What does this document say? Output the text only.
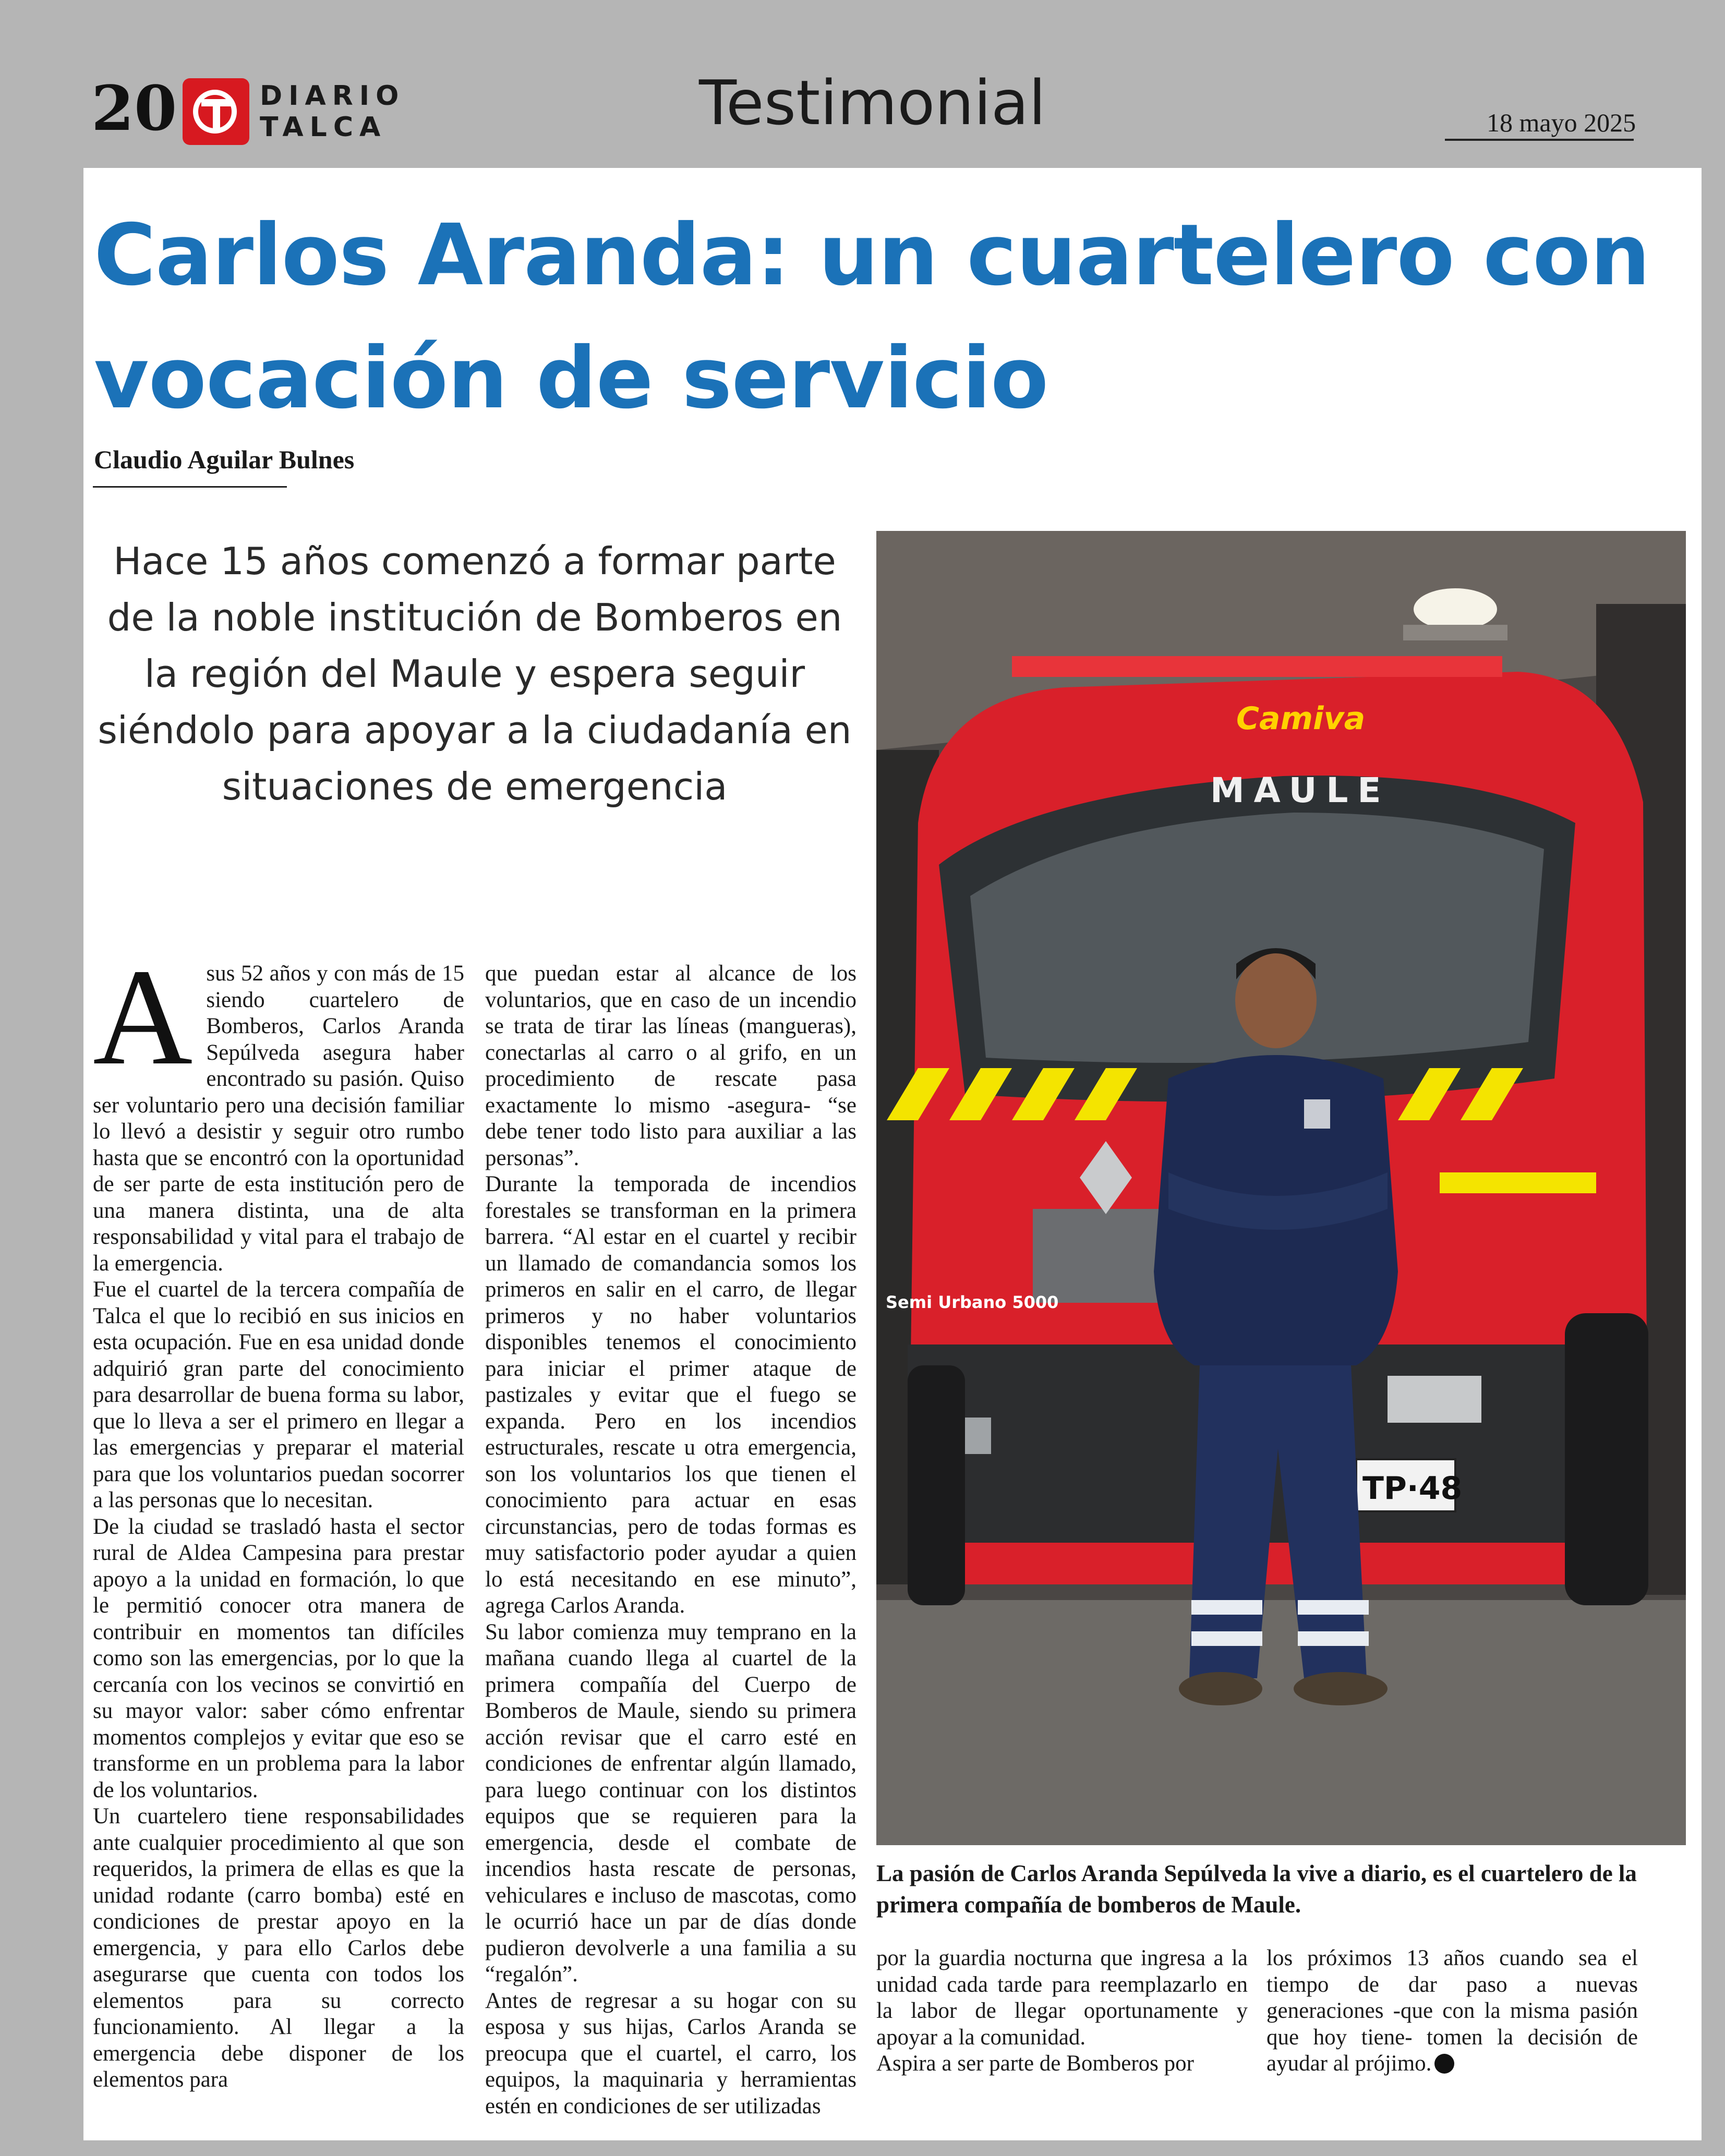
20	DIARIO
TALCA	Testimonial	18 mayo 2025
Carlos Aranda: un cuartelero con vocación de servicio
Claudio Aguilar Bulnes
Hace 15 años comenzó a formar parte de la noble institución de Bomberos en la región del Maule y espera seguir siéndolo para apoyar a la ciudadanía en situaciones de emergencia
Camiva
MAULE
Semi Urbano 5000
TP·48
La pasión de Carlos Aranda Sepúlveda la vive a diario, es el cuartelero de la primera compañía de bomberos de Maule.

Asus 52 años y con más de 15 siendo cuartelero de Bomberos, Carlos Aranda Sepúlveda asegura haber encontrado su pasión. Quiso ser voluntario pero una decisión familiar lo llevó a desistir y seguir otro rumbo hasta que se encontró con la oportunidad de ser parte de esta institución pero de una manera distinta, una de alta responsabilidad y vital para el trabajo de la emergencia.

Fue el cuartel de la tercera compañía de Talca el que lo recibió en sus inicios en esta ocupación. Fue en esa unidad donde adquirió gran parte del conocimiento para desarrollar de buena forma su labor, que lo lleva a ser el primero en llegar a las emergencias y preparar el material para que los voluntarios puedan socorrer a las personas que lo necesitan.

De la ciudad se trasladó hasta el sector rural de Aldea Campesina para prestar apoyo a la unidad en formación, lo que le permitió conocer otra manera de contribuir en momentos tan difíciles como son las emergencias, por lo que la cercanía con los vecinos se convirtió en su mayor valor: saber cómo enfrentar momentos complejos y evitar que eso se transforme en un problema para la labor de los voluntarios.

Un cuartelero tiene responsabilidades ante cualquier procedimiento al que son requeridos, la primera de ellas es que la unidad rodante (carro bomba) esté en condiciones de prestar apoyo en la emergencia, y para ello Carlos debe asegurarse que cuenta con todos los elementos para su correcto funcionamiento. Al llegar a la emergencia debe disponer de los elementos para

que puedan estar al alcance de los voluntarios, que en caso de un incendio se trata de tirar las líneas (mangueras), conectarlas al carro o al grifo, en un procedimiento de rescate pasa exactamente lo mismo -asegura- “se debe tener todo listo para auxiliar a las personas”.

Durante la temporada de incendios forestales se transforman en la primera barrera. “Al estar en el cuartel y recibir un llamado de comandancia somos los primeros en salir en el carro, de llegar primeros y no haber voluntarios disponibles tenemos el conocimiento para iniciar el primer ataque de pastizales y evitar que el fuego se expanda. Pero en los incendios estructurales, rescate u otra emergencia, son los voluntarios los que tienen el conocimiento para actuar en esas circunstancias, pero de todas formas es muy satisfactorio poder ayudar a quien lo está necesitando en ese minuto”, agrega Carlos Aranda.

Su labor comienza muy temprano en la mañana cuando llega al cuartel de la primera compañía del Cuerpo de Bomberos de Maule, siendo su primera acción revisar que el carro esté en condiciones de enfrentar algún llamado, para luego continuar con los distintos equipos que se requieren para la emergencia, desde el combate de incendios hasta rescate de personas, vehiculares e incluso de mascotas, como le ocurrió hace un par de días donde pudieron devolverle a una familia a su “regalón”.

Antes de regresar a su hogar con su esposa y sus hijas, Carlos Aranda se preocupa que el cuartel, el carro, los equipos, la maquinaria y herramientas estén en condiciones de ser utilizadas

por la guardia nocturna que ingresa a la unidad cada tarde para reemplazarlo en la labor de llegar oportunamente y apoyar a la comunidad.

Aspira a ser parte de Bomberos por

los próximos 13 años cuando sea el tiempo de dar paso a nuevas generaciones -que con la misma pasión que hoy tiene- tomen la decisión de ayudar al prójimo.
